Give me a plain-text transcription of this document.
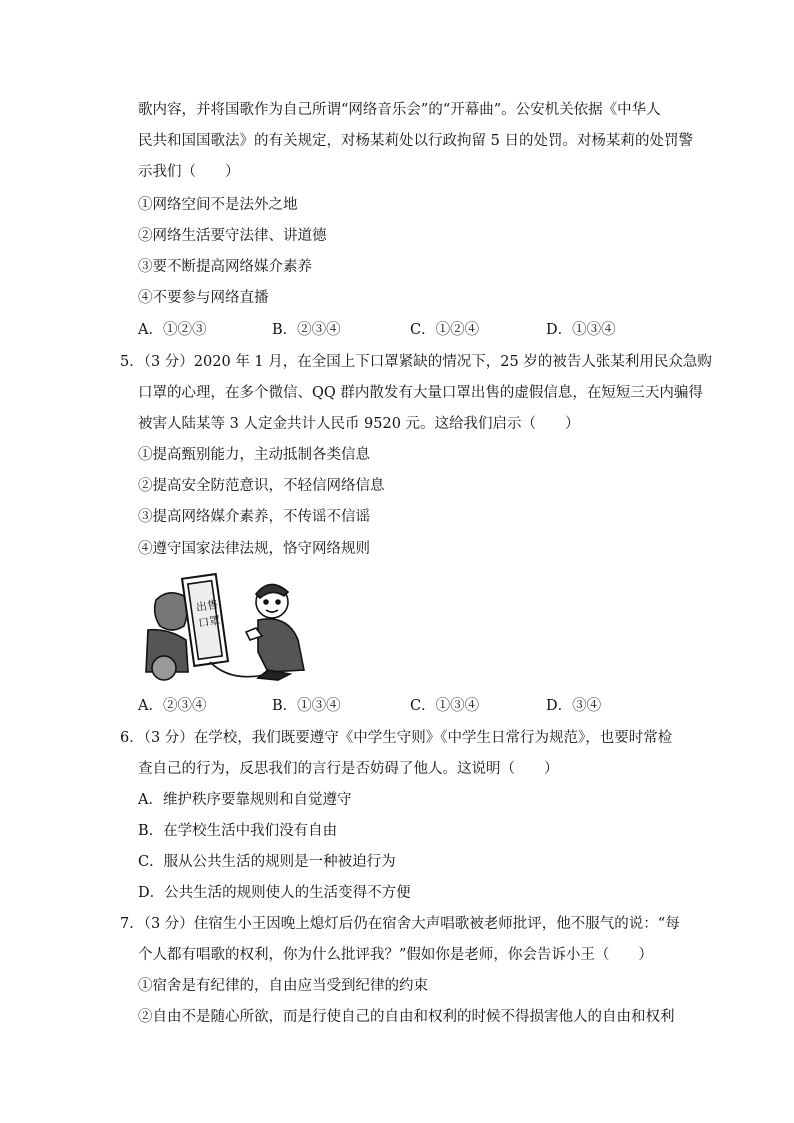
歌内容，并将国歌作为自己所谓“网络音乐会”的“开幕曲”。公安机关依据《中华人
民共和国国歌法》的有关规定，对杨某莉处以行政拘留 5 日的处罚。对杨某莉的处罚警
示我们（　　）
①网络空间不是法外之地
②网络生活要守法律、讲道德
③要不断提高网络媒介素养
④不要参与网络直播
A．①②③	B．②③④	C．①②④	D．①③④
5．（3 分）2020 年 1 月，在全国上下口罩紧缺的情况下，25 岁的被告人张某利用民众急购
口罩的心理，在多个微信、QQ 群内散发有大量口罩出售的虚假信息，在短短三天内骗得
被害人陆某等 3 人定金共计人民币 9520 元。这给我们启示（　　）
①提高甄别能力，主动抵制各类信息
②提高安全防范意识，不轻信网络信息
③提高网络媒介素养，不传谣不信谣
④遵守国家法律法规，恪守网络规则
出售
口罩
A．②③④	B．①③④	C．①③④	D．③④
6．（3 分）在学校，我们既要遵守《中学生守则》《中学生日常行为规范》，也要时常检
查自己的行为，反思我们的言行是否妨碍了他人。这说明（　　）
A．维护秩序要靠规则和自觉遵守
B．在学校生活中我们没有自由
C．服从公共生活的规则是一种被迫行为
D．公共生活的规则使人的生活变得不方便
7．（3 分）住宿生小王因晚上熄灯后仍在宿舍大声唱歌被老师批评，他不服气的说：“每
个人都有唱歌的权利，你为什么批评我？”假如你是老师，你会告诉小王（　　）
①宿舍是有纪律的，自由应当受到纪律的约束
②自由不是随心所欲，而是行使自己的自由和权利的时候不得损害他人的自由和权利
